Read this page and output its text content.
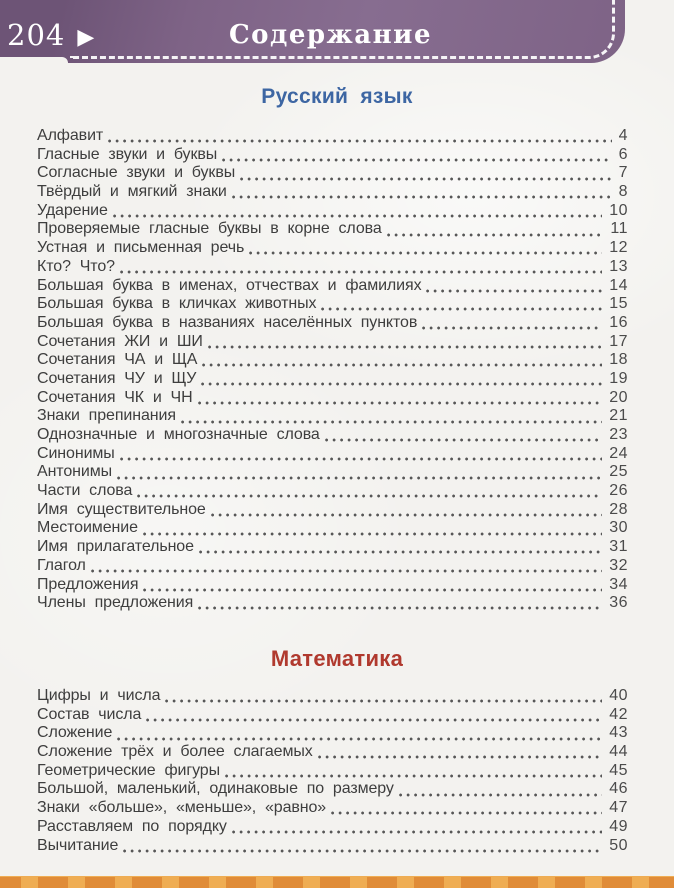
204 ▶	Содержание
Русский язык
Алфавит	4
Гласные звуки и буквы	6
Согласные звуки и буквы	7
Твёрдый и мягкий знаки	8
Ударение	10
Проверяемые гласные буквы в корне слова	11
Устная и письменная речь	12
Кто? Что?	13
Большая буква в именах, отчествах и фамилиях	14
Большая буква в кличках животных	15
Большая буква в названиях населённых пунктов	16
Сочетания ЖИ и ШИ	17
Сочетания ЧА и ЩА	18
Сочетания ЧУ и ЩУ	19
Сочетания ЧК и ЧН	20
Знаки препинания	21
Однозначные и многозначные слова	23
Синонимы	24
Антонимы	25
Части слова	26
Имя существительное	28
Местоимение	30
Имя прилагательное	31
Глагол	32
Предложения	34
Члены предложения	36
Математика
Цифры и числа	40
Состав числа	42
Сложение	43
Сложение трёх и более слагаемых	44
Геометрические фигуры	45
Большой, маленький, одинаковые по размеру	46
Знаки «больше», «меньше», «равно»	47
Расставляем по порядку	49
Вычитание	50
